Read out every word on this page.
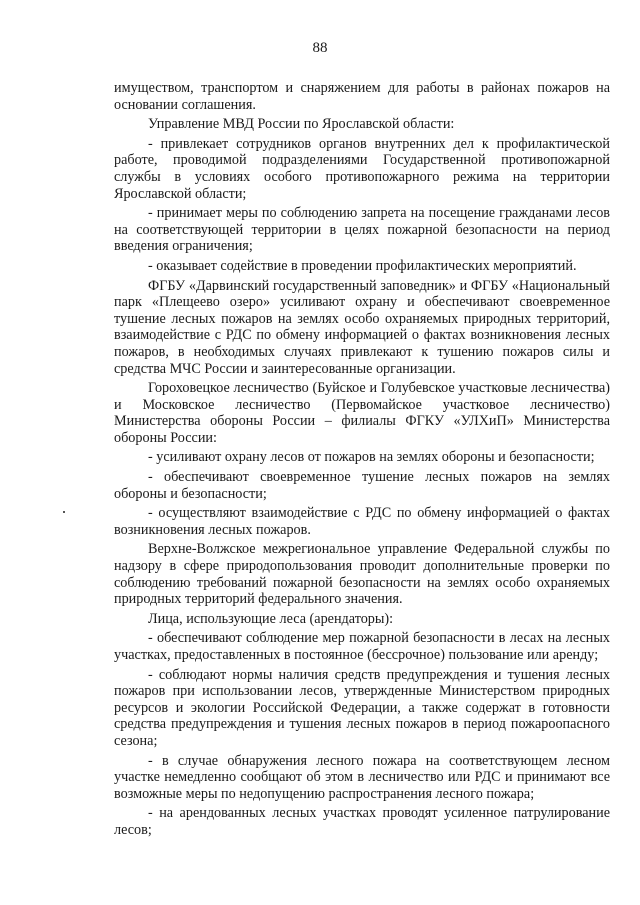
88

имуществом, транспортом и снаряжением для работы в районах пожаров на основании соглашения.

Управление МВД России по Ярославской области:

- привлекает сотрудников органов внутренних дел к профилактической работе, проводимой подразделениями Государственной противопожарной службы в условиях особого противопожарного режима на территории Ярославской области;

- принимает меры по соблюдению запрета на посещение гражданами лесов на соответствующей территории в целях пожарной безопасности на период введения ограничения;

- оказывает содействие в проведении профилактических мероприятий.

ФГБУ «Дарвинский государственный заповедник» и ФГБУ «Национальный парк «Плещеево озеро» усиливают охрану и обеспечивают своевременное тушение лесных пожаров на землях особо охраняемых природных территорий, взаимодействие с РДС по обмену информацией о фактах возникновения лесных пожаров, в необходимых случаях привлекают к тушению пожаров силы и средства МЧС России и заинтересованные организации.

Гороховецкое лесничество (Буйское и Голубевское участковые лесничества) и Московское лесничество (Первомайское участковое лесничество) Министерства обороны России – филиалы ФГКУ «УЛХиП» Министерства обороны России:

- усиливают охрану лесов от пожаров на землях обороны и безопасности;

- обеспечивают своевременное тушение лесных пожаров на землях обороны и безопасности;

- осуществляют взаимодействие с РДС по обмену информацией о фактах возникновения лесных пожаров.

Верхне-Волжское межрегиональное управление Федеральной службы по надзору в сфере природопользования проводит дополнительные проверки по соблюдению требований пожарной безопасности на землях особо охраняемых природных территорий федерального значения.

Лица, использующие леса (арендаторы):

- обеспечивают соблюдение мер пожарной безопасности в лесах на лесных участках, предоставленных в постоянное (бессрочное) пользование или аренду;

- соблюдают нормы наличия средств предупреждения и тушения лесных пожаров при использовании лесов, утвержденные Министерством природных ресурсов и экологии Российской Федерации, а также содержат в готовности средства предупреждения и тушения лесных пожаров в период пожароопасного сезона;

- в случае обнаружения лесного пожара на соответствующем лесном участке немедленно сообщают об этом в лесничество или РДС и принимают все возможные меры по недопущению распространения лесного пожара;

- на арендованных лесных участках проводят усиленное патрулирование лесов;
